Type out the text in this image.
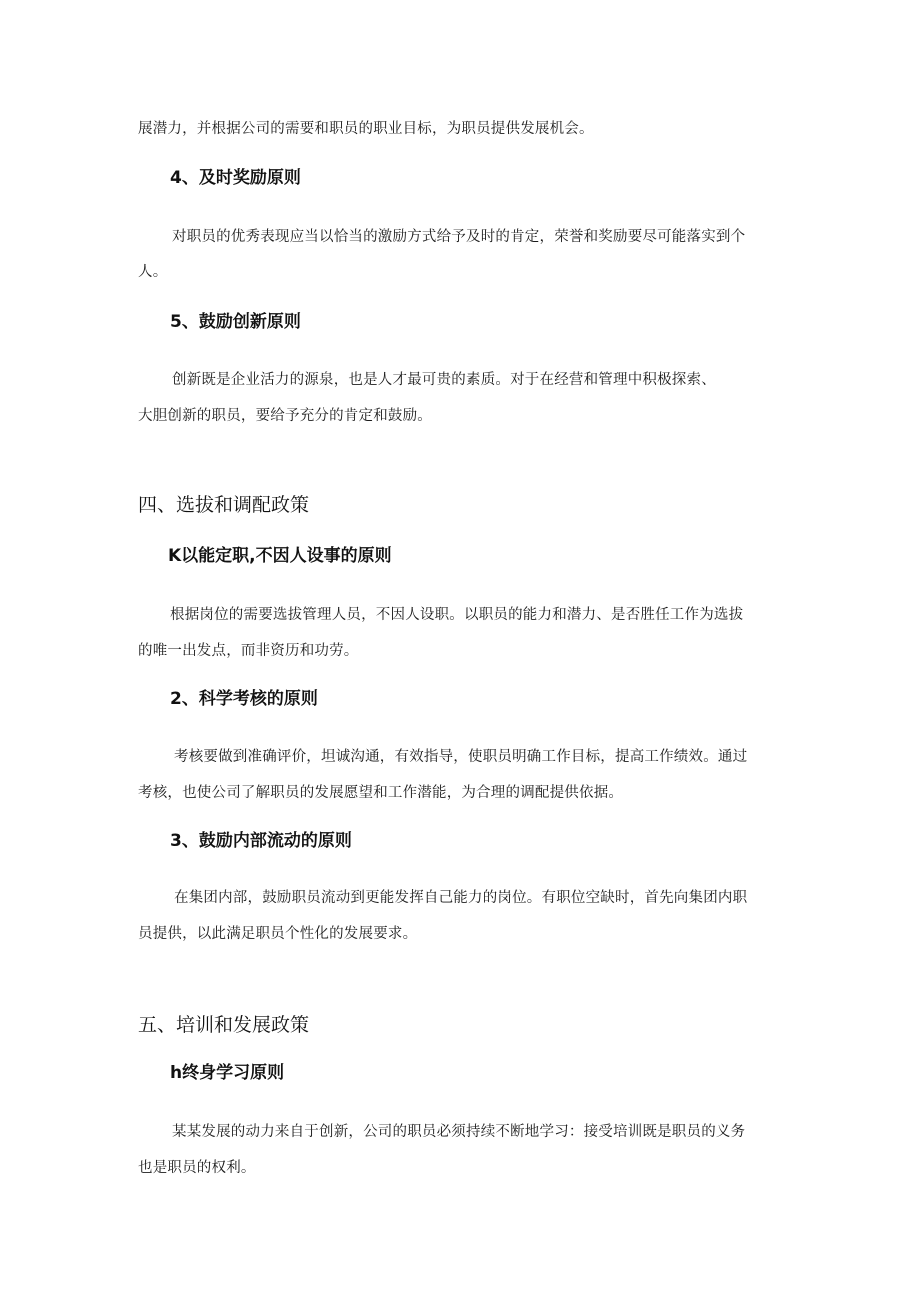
展潜力，并根据公司的需要和职员的职业目标，为职员提供发展机会。
4、及时奖励原则
对职员的优秀表现应当以恰当的激励方式给予及时的肯定，荣誉和奖励要尽可能落实到个
人。
5、鼓励创新原则
创新既是企业活力的源泉，也是人才最可贵的素质。对于在经营和管理中积极探索、
大胆创新的职员，要给予充分的肯定和鼓励。
四、选拔和调配政策
K以能定职,不因人设事的原则
根据岗位的需要选拔管理人员，不因人设职。以职员的能力和潜力、是否胜任工作为选拔
的唯一出发点，而非资历和功劳。
2、科学考核的原则
考核要做到准确评价，坦诚沟通，有效指导，使职员明确工作目标，提高工作绩效。通过
考核，也使公司了解职员的发展愿望和工作潜能，为合理的调配提供依据。
3、鼓励内部流动的原则
在集团内部，鼓励职员流动到更能发挥自己能力的岗位。有职位空缺时，首先向集团内职
员提供，以此满足职员个性化的发展要求。
五、培训和发展政策
h终身学习原则
某某发展的动力来自于创新，公司的职员必须持续不断地学习：接受培训既是职员的义务
也是职员的权利。
